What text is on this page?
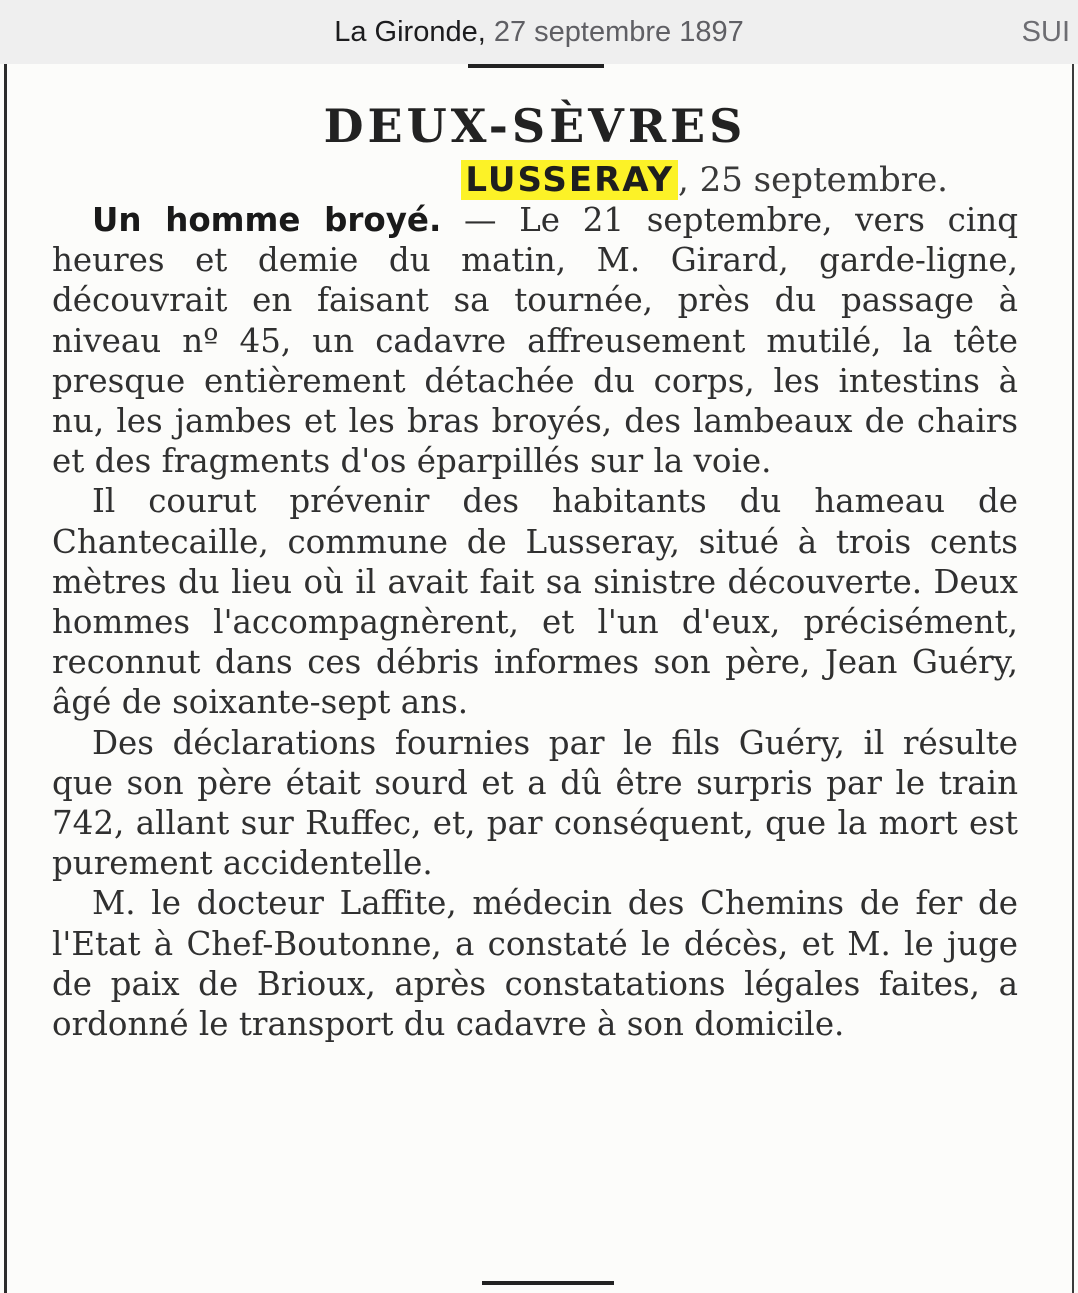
La Gironde, 27 septembre 1897	SUI
DEUX-SÈVRES

LUSSERAY , 25 septembre.

Un homme broyé. — Le 21 septembre, vers cinq heures et demie du matin, M. Girard, garde-ligne, découvrait en faisant sa tournée, près du passage à niveau nº 45, un cadavre affreusement mutilé, la tête presque entièrement détachée du corps, les intestins à nu, les jambes et les bras broyés, des lambeaux de chairs et des fragments d'os éparpillés sur la voie.

Il courut prévenir des habitants du hameau de Chantecaille, commune de Lusseray, situé à trois cents mètres du lieu où il avait fait sa sinistre découverte. Deux hommes l'accompagnèrent, et l'un d'eux, précisément, reconnut dans ces débris informes son père, Jean Guéry, âgé de soixante-sept ans.

Des déclarations fournies par le fils Guéry, il résulte que son père était sourd et a dû être surpris par le train 742, allant sur Ruffec, et, par conséquent, que la mort est purement accidentelle.

M. le docteur Laffite, médecin des Chemins de fer de l'Etat à Chef-Boutonne, a constaté le décès, et M. le juge de paix de Brioux, après constatations légales faites, a ordonné le transport du cadavre à son domicile.
